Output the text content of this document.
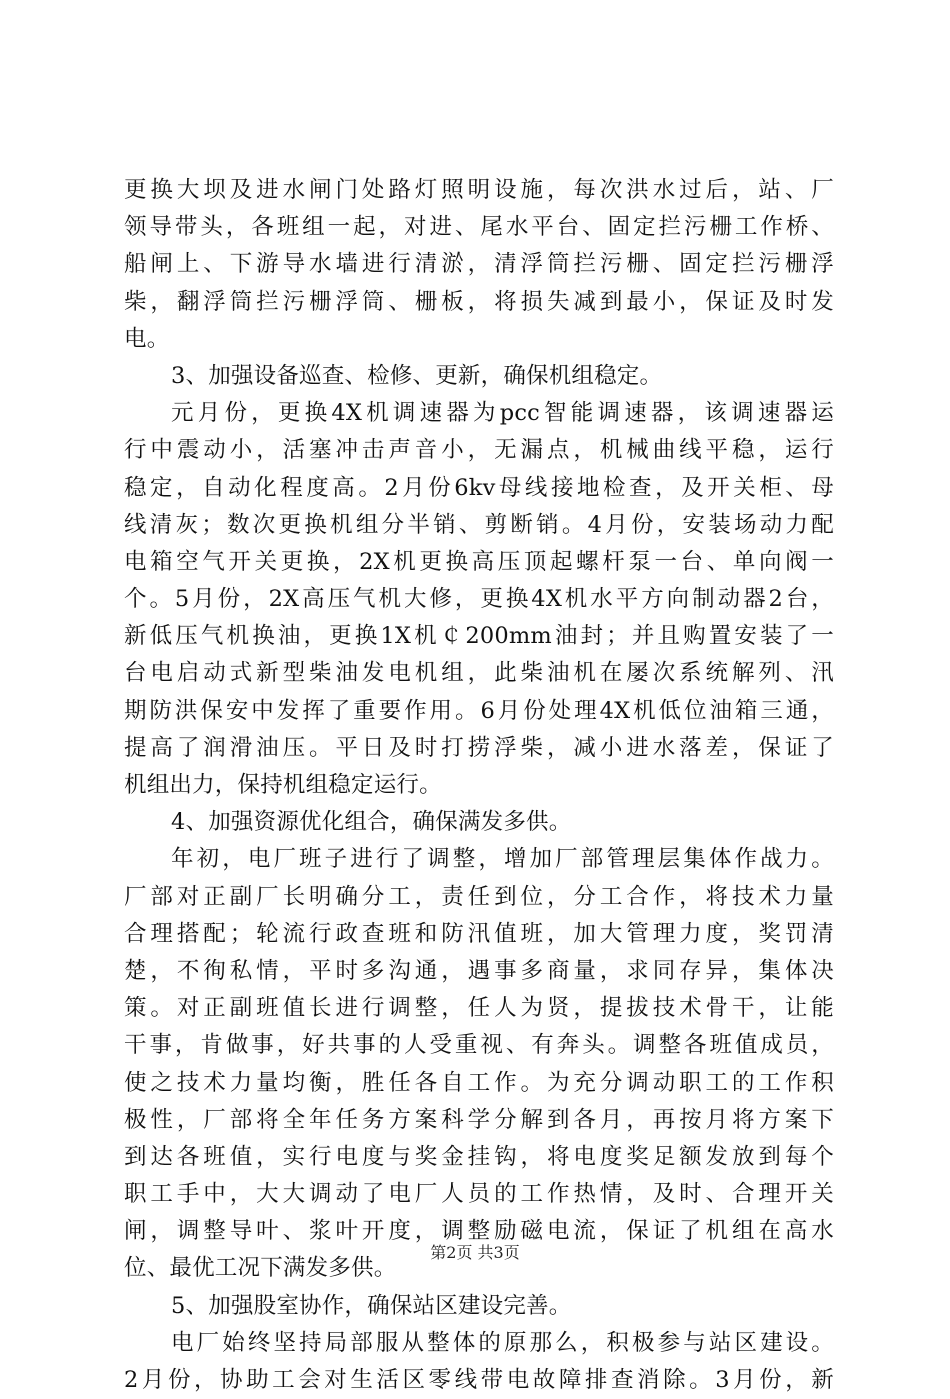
更换大坝及进水闸门处路灯照明设施，每次洪水过后，站、厂
领导带头，各班组一起，对进、尾水平台、固定拦污栅工作桥、
船闸上、下游导水墙进行清淤，清浮筒拦污栅、固定拦污栅浮
柴，翻浮筒拦污栅浮筒、栅板，将损失减到最小，保证及时发
电。
3、加强设备巡查、检修、更新，确保机组稳定。
元月份，更换4X机调速器为pcc智能调速器，该调速器运
行中震动小，活塞冲击声音小，无漏点，机械曲线平稳，运行
稳定，自动化程度高。2月份6kv母线接地检查，及开关柜、母
线清灰；数次更换机组分半销、剪断销。4月份，安装场动力配
电箱空气开关更换，2X机更换高压顶起螺杆泵一台、单向阀一
个。5月份，2X高压气机大修，更换4X机水平方向制动器2台，
新低压气机换油，更换1X机￠200mm油封；并且购置安装了一
台电启动式新型柴油发电机组，此柴油机在屡次系统解列、汛
期防洪保安中发挥了重要作用。6月份处理4X机低位油箱三通，
提高了润滑油压。平日及时打捞浮柴，减小进水落差，保证了
机组出力，保持机组稳定运行。
4、加强资源优化组合，确保满发多供。
年初，电厂班子进行了调整，增加厂部管理层集体作战力。
厂部对正副厂长明确分工，责任到位，分工合作，将技术力量
合理搭配；轮流行政查班和防汛值班，加大管理力度，奖罚清
楚，不徇私情，平时多沟通，遇事多商量，求同存异，集体决
策。对正副班值长进行调整，任人为贤，提拔技术骨干，让能
干事，肯做事，好共事的人受重视、有奔头。调整各班值成员，
使之技术力量均衡，胜任各自工作。为充分调动职工的工作积
极性，厂部将全年任务方案科学分解到各月，再按月将方案下
到达各班值，实行电度与奖金挂钩，将电度奖足额发放到每个
职工手中，大大调动了电厂人员的工作热情，及时、合理开关
闸，调整导叶、浆叶开度，调整励磁电流，保证了机组在高水
位、最优工况下满发多供。
5、加强股室协作，确保站区建设完善。
电厂始终坚持局部服从整体的原那么，积极参与站区建设。
2月份，协助工会对生活区零线带电故障排查消除。3月份，新
第2页 共3页
